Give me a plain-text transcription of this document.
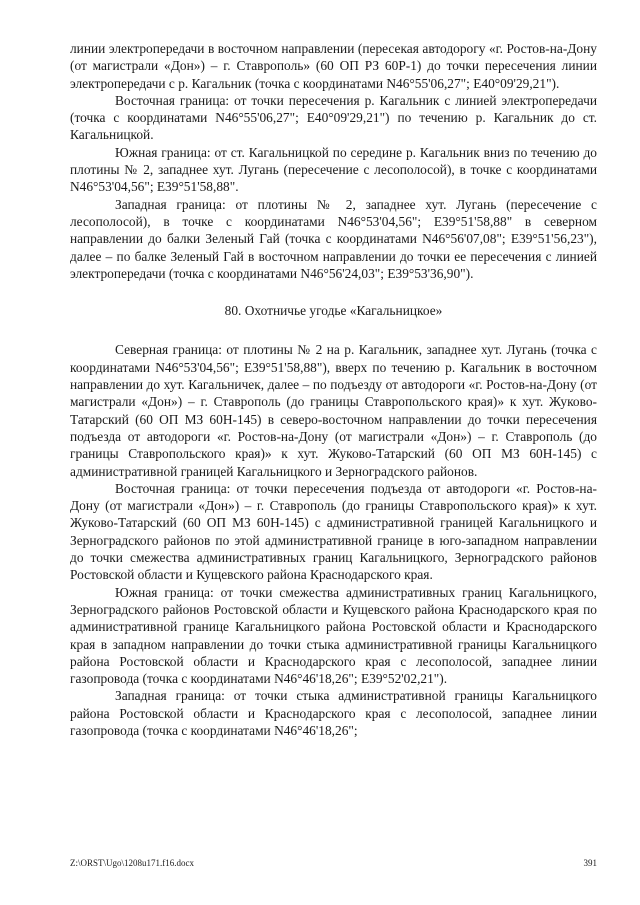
линии электропередачи в восточном направлении (пересекая автодорогу «г. Ростов-на-Дону (от магистрали «Дон») – г. Ставрополь» (60 ОП РЗ 60Р-1) до точки пересечения линии электропередачи с р. Кагальник (точка с координатами N46°55'06,27"; E40°09'29,21").

Восточная граница: от точки пересечения р. Кагальник с линией электропередачи (точка с координатами N46°55'06,27"; E40°09'29,21") по течению р. Кагальник до ст. Кагальницкой.

Южная граница: от ст. Кагальницкой по середине р. Кагальник вниз по течению до плотины № 2, западнее хут. Лугань (пересечение с лесополосой), в точке с координатами N46°53'04,56"; E39°51'58,88".

Западная граница: от плотины № 2, западнее хут. Лугань (пересечение с лесополосой), в точке с координатами N46°53'04,56"; E39°51'58,88" в северном направлении до балки Зеленый Гай (точка с координатами N46°56'07,08"; E39°51'56,23"), далее – по балке Зеленый Гай в восточном направлении до точки ее пересечения с линией электропередачи (точка с координатами N46°56'24,03"; E39°53'36,90").

80. Охотничье угодье «Кагальницкое»

Северная граница: от плотины № 2 на р. Кагальник, западнее хут. Лугань (точка с координатами N46°53'04,56"; E39°51'58,88"), вверх по течению р. Кагальник в восточном направлении до хут. Кагальничек, далее – по подъезду от автодороги «г. Ростов-на-Дону (от магистрали «Дон») – г. Ставрополь (до границы Ставропольского края)» к хут. Жуково-Татарский (60 ОП МЗ 60Н-145) в северо-восточном направлении до точки пересечения подъезда от автодороги «г. Ростов-на-Дону (от магистрали «Дон») – г. Ставрополь (до границы Ставропольского края)» к хут. Жуково-Татарский (60 ОП МЗ 60Н-145) с административной границей Кагальницкого и Зерноградского районов.

Восточная граница: от точки пересечения подъезда от автодороги «г. Ростов-на-Дону (от магистрали «Дон») – г. Ставрополь (до границы Ставропольского края)» к хут. Жуково-Татарский (60 ОП МЗ 60Н-145) с административной границей Кагальницкого и Зерноградского районов по этой административной границе в юго-западном направлении до точки смежества административных границ Кагальницкого, Зерноградского районов Ростовской области и Кущевского района Краснодарского края.

Южная граница: от точки смежества административных границ Кагальницкого, Зерноградского районов Ростовской области и Кущевского района Краснодарского края по административной границе Кагальницкого района Ростовской области и Краснодарского края в западном направлении до точки стыка административной границы Кагальницкого района Ростовской области и Краснодарского края с лесополосой, западнее линии газопровода (точка с координатами N46°46'18,26"; E39°52'02,21").

Западная граница: от точки стыка административной границы Кагальницкого района Ростовской области и Краснодарского края с лесополосой, западнее линии газопровода (точка с координатами N46°46'18,26";

Z:\ORST\Ugo\1208u171.f16.docx	391
